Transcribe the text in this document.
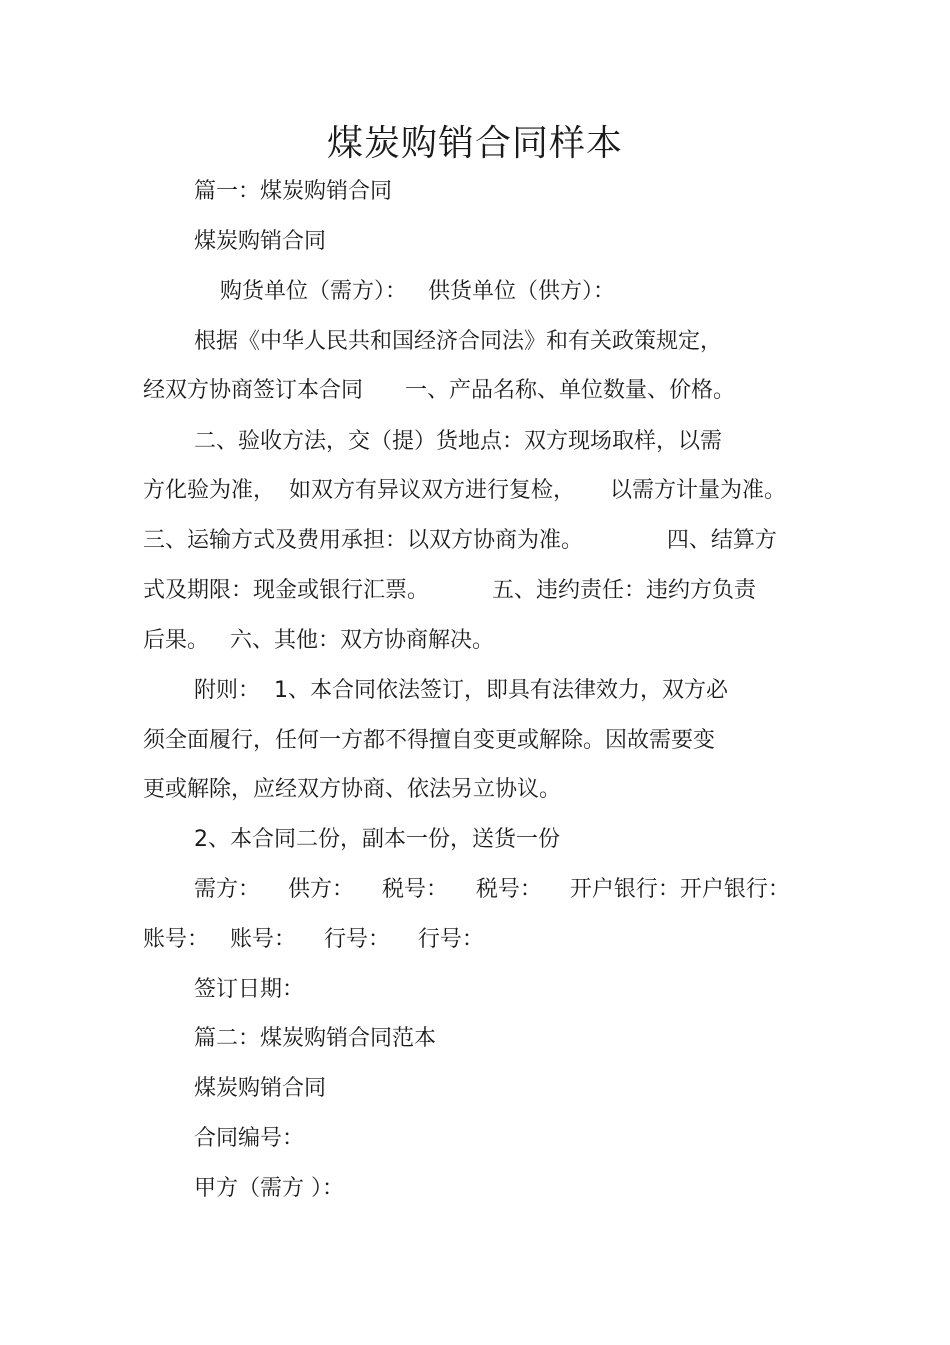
煤炭购销合同样本

篇一：煤炭购销合同

煤炭购销合同

购货单位（需方）：   供货单位（供方）：

根据《中华人民共和国经济合同法》和有关政策规定，

经双方协商签订本合同      一、产品名称、单位数量、价格。

二、验收方法，交（提）货地点：双方现场取样，以需

方化验为准，  如双方有异议双方进行复检，     以需方计量为准。

三、运输方式及费用承担：以双方协商为准。            四、结算方

式及期限：现金或银行汇票。         五、违约责任：违约方负责

后果。   六、其他：双方协商解决。

附则：  1、本合同依法签订，即具有法律效力，双方必

须全面履行，任何一方都不得擅自变更或解除。因故需要变

更或解除，应经双方协商、依法另立协议。

2、本合同二份，副本一份，送货一份

需方：    供方：    税号：    税号：    开户银行：开户银行：

账号：   账号：    行号：    行号：

签订日期：

篇二：煤炭购销合同范本

煤炭购销合同

合同编号：

甲方（需方 ）：
